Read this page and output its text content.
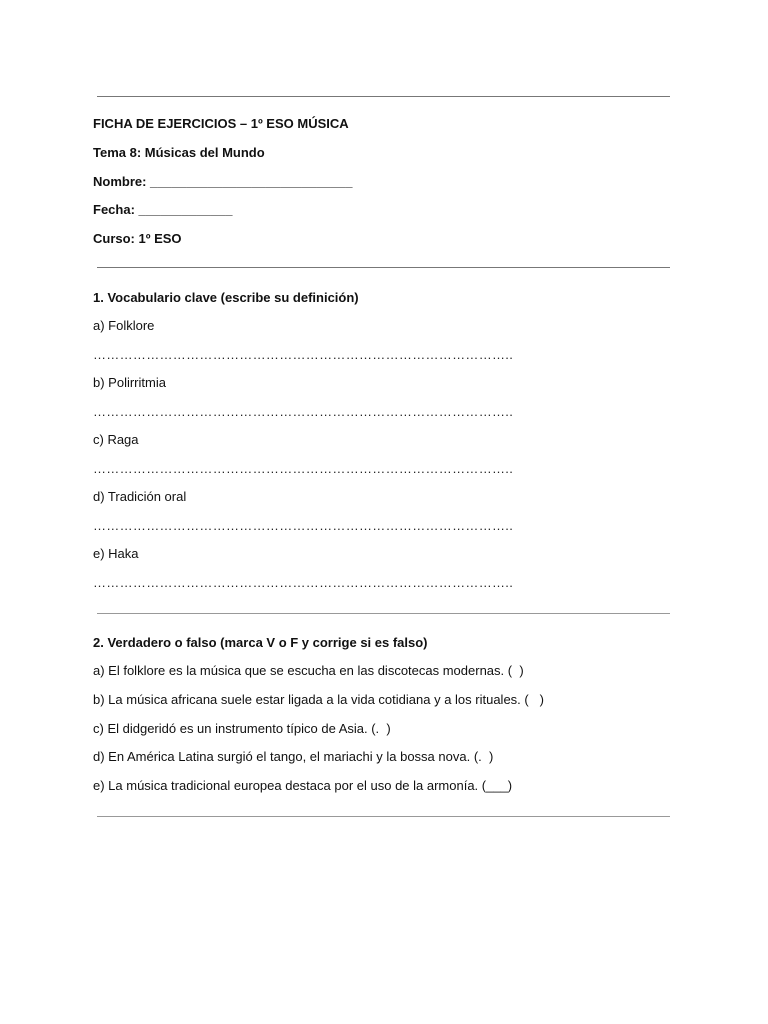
FICHA DE EJERCICIOS – 1º ESO MÚSICA
Tema 8: Músicas del Mundo
Nombre: ____________________________
Fecha: _____________
Curso: 1º ESO
1. Vocabulario clave (escribe su definición)
a) Folklore
…………………………………………………………………………………..
b) Polirritmia
…………………………………………………………………………………..
c) Raga
…………………………………………………………………………………..
d) Tradición oral
…………………………………………………………………………………..
e) Haka
…………………………………………………………………………………..
2. Verdadero o falso (marca V o F y corrige si es falso)
a) El folklore es la música que se escucha en las discotecas modernas. (  )
b) La música africana suele estar ligada a la vida cotidiana y a los rituales. (   )
c) El didgeridó es un instrumento típico de Asia. (.  )
d) En América Latina surgió el tango, el mariachi y la bossa nova. (.  )
e) La música tradicional europea destaca por el uso de la armonía. (___)
